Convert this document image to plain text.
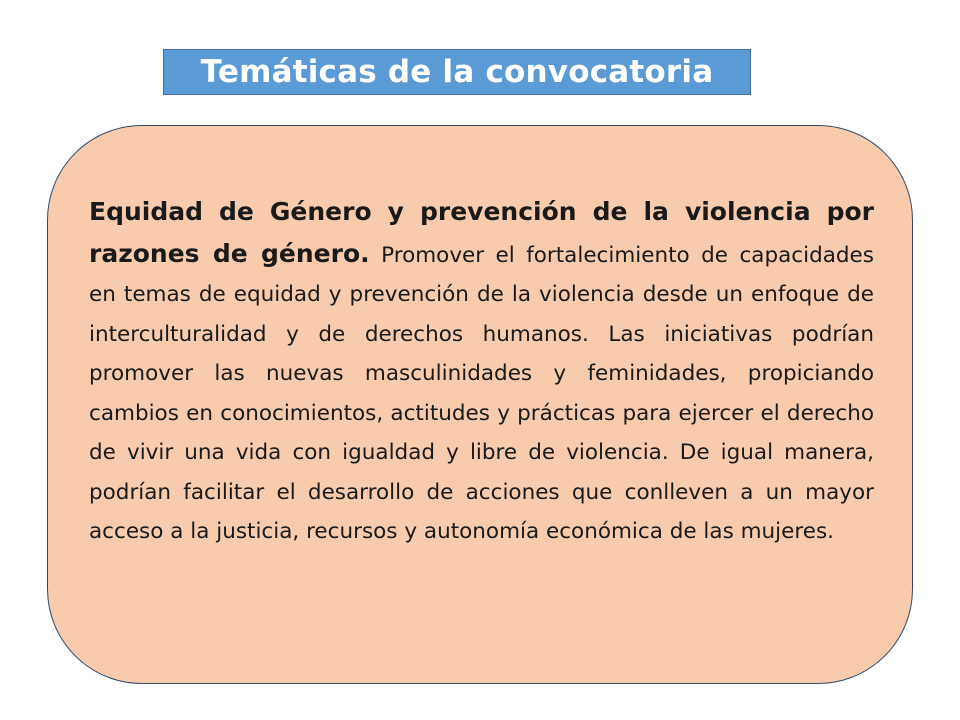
Temáticas de la convocatoria

Equidad de Género y prevención de la violencia por razones de género. Promover el fortalecimiento de capacidades en temas de equidad y prevención de la violencia desde un enfoque de interculturalidad y de derechos humanos. Las iniciativas podrían promover las nuevas masculinidades y feminidades, propiciando cambios en conocimientos, actitudes y prácticas para ejercer el derecho de vivir una vida con igualdad y libre de violencia. De igual manera, podrían facilitar el desarrollo de acciones que conlleven a un mayor acceso a la justicia, recursos y autonomía económica de las mujeres.
